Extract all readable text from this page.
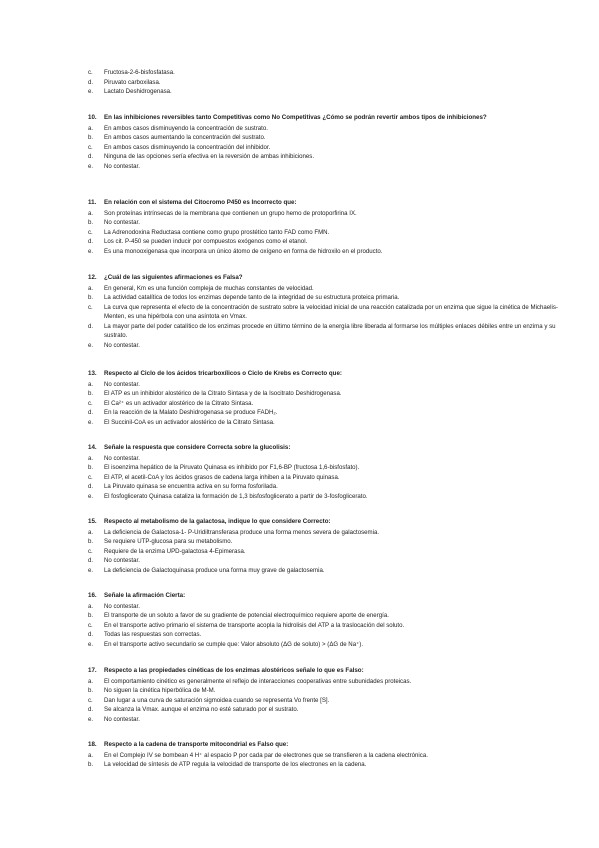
c.	Fructosa-2-6-bisfosfatasa.
d.	Piruvato carboxilasa.
e.	Lactato Deshidrogenasa.
10.	En las inhibiciones reversibles tanto Competitivas como No Competitivas ¿Cómo se podrán revertir ambos tipos de inhibiciones?
a.	En ambos casos disminuyendo la concentración de sustrato.
b.	En ambos casos aumentando la concentración del sustrato.
c.	En ambos casos disminuyendo la concentración del inhibidor.
d.	Ninguna de las opciones sería efectiva en la reversión de ambas inhibiciones.
e.	No contestar.
11.	En relación con el sistema del Citocromo P450 es Incorrecto que:
a.	Son proteínas intrínsecas de la membrana que contienen un grupo hemo de protoporfirina IX.
b.	No contestar.
c.	La Adrenodoxina Reductasa contiene como grupo prostético tanto FAD como FMN.
d.	Los cit. P-450 se pueden inducir por compuestos exógenos como el etanol.
e.	Es una monooxigenasa que incorpora un único átomo de oxígeno en forma de hidroxilo en el producto.
12.	¿Cuál de las siguientes afirmaciones es Falsa?
a.	En general, Km es una función compleja de muchas constantes de velocidad.
b.	La actividad catalítica de todos los enzimas depende tanto de la integridad de su estructura proteica primaria.
c.	La curva que representa el efecto de la concentración de sustrato sobre la velocidad inicial de una reacción catalizada por un enzima que sigue la cinética de Michaelis-Menten, es una hipérbola con una asíntota en Vmax.
d.	La mayor parte del poder catalítico de los enzimas procede en último término de la energía libre liberada al formarse los múltiples enlaces débiles entre un enzima y su sustrato.
e.	No contestar.
13.	Respecto al Ciclo de los ácidos tricarboxílicos o Ciclo de Krebs es Correcto que:
a.	No contestar.
b.	El ATP es un inhibidor alostérico de la Citrato Sintasa y de la Isocitrato Deshidrogenasa.
c.	El Ca²⁺ es un activador alostérico de la Citrato Sintasa.
d.	En la reacción de la Malato Deshidrogenasa se produce FADH₂.
e.	El Succinil-CoA es un activador alostérico de la Citrato Sintasa.
14.	Señale la respuesta que considere Correcta sobre la glucolisis:
a.	No contestar.
b.	El isoenzima hepático de la Piruvato Quinasa es inhibido por F1,6-BP (fructosa 1,6-bisfosfato).
c.	El ATP, el acetil-CoA y los ácidos grasos de cadena larga inhiben a la Piruvato quinasa.
d.	La Piruvato quinasa se encuentra activa en su forma fosforilada.
e.	El fosfoglicerato Quinasa cataliza la formación de 1,3 bisfosfoglicerato a partir de 3-fosfoglicerato.
15.	Respecto al metabolismo de la galactosa, indique lo que considere Correcto:
a.	La deficiencia de Galactosa-1- P-Uridiltransferasa produce una forma menos severa de galactosemia.
b.	Se requiere UTP-glucosa para su metabolismo.
c.	Requiere de la enzima UPD-galactosa 4-Epimerasa.
d.	No contestar.
e.	La deficiencia de Galactoquinasa produce una forma muy grave de galactosemia.
16.	Señale la afirmación Cierta:
a.	No contestar.
b.	El transporte de un soluto a favor de su gradiente de potencial electroquímico requiere aporte de energía.
c.	En el transporte activo primario el sistema de transporte acopla la hidrolisis del ATP a la traslocación del soluto.
d.	Todas las respuestas son correctas.
e.	En el transporte activo secundario se cumple que: Valor absoluto (ΔG de soluto) > (ΔG de Na⁺).
17.	Respecto a las propiedades cinéticas de los enzimas alostéricos señale lo que es Falso:
a.	El comportamiento cinético es generalmente el reflejo de interacciones cooperativas entre subunidades proteicas.
b.	No siguen la cinética hiperbólica de M-M.
c.	Dan lugar a una curva de saturación sigmoidea cuando se representa Vo frente [S].
d.	Se alcanza la Vmax. aunque el enzima no esté saturado por el sustrato.
e.	No contestar.
18.	Respecto a la cadena de transporte mitocondrial es Falso que:
a.	En el Complejo IV se bombean 4 H⁺ al espacio P por cada par de electrones que se transfieren a la cadena electrónica.
b.	La velocidad de síntesis de ATP regula la velocidad de transporte de los electrones en la cadena.
